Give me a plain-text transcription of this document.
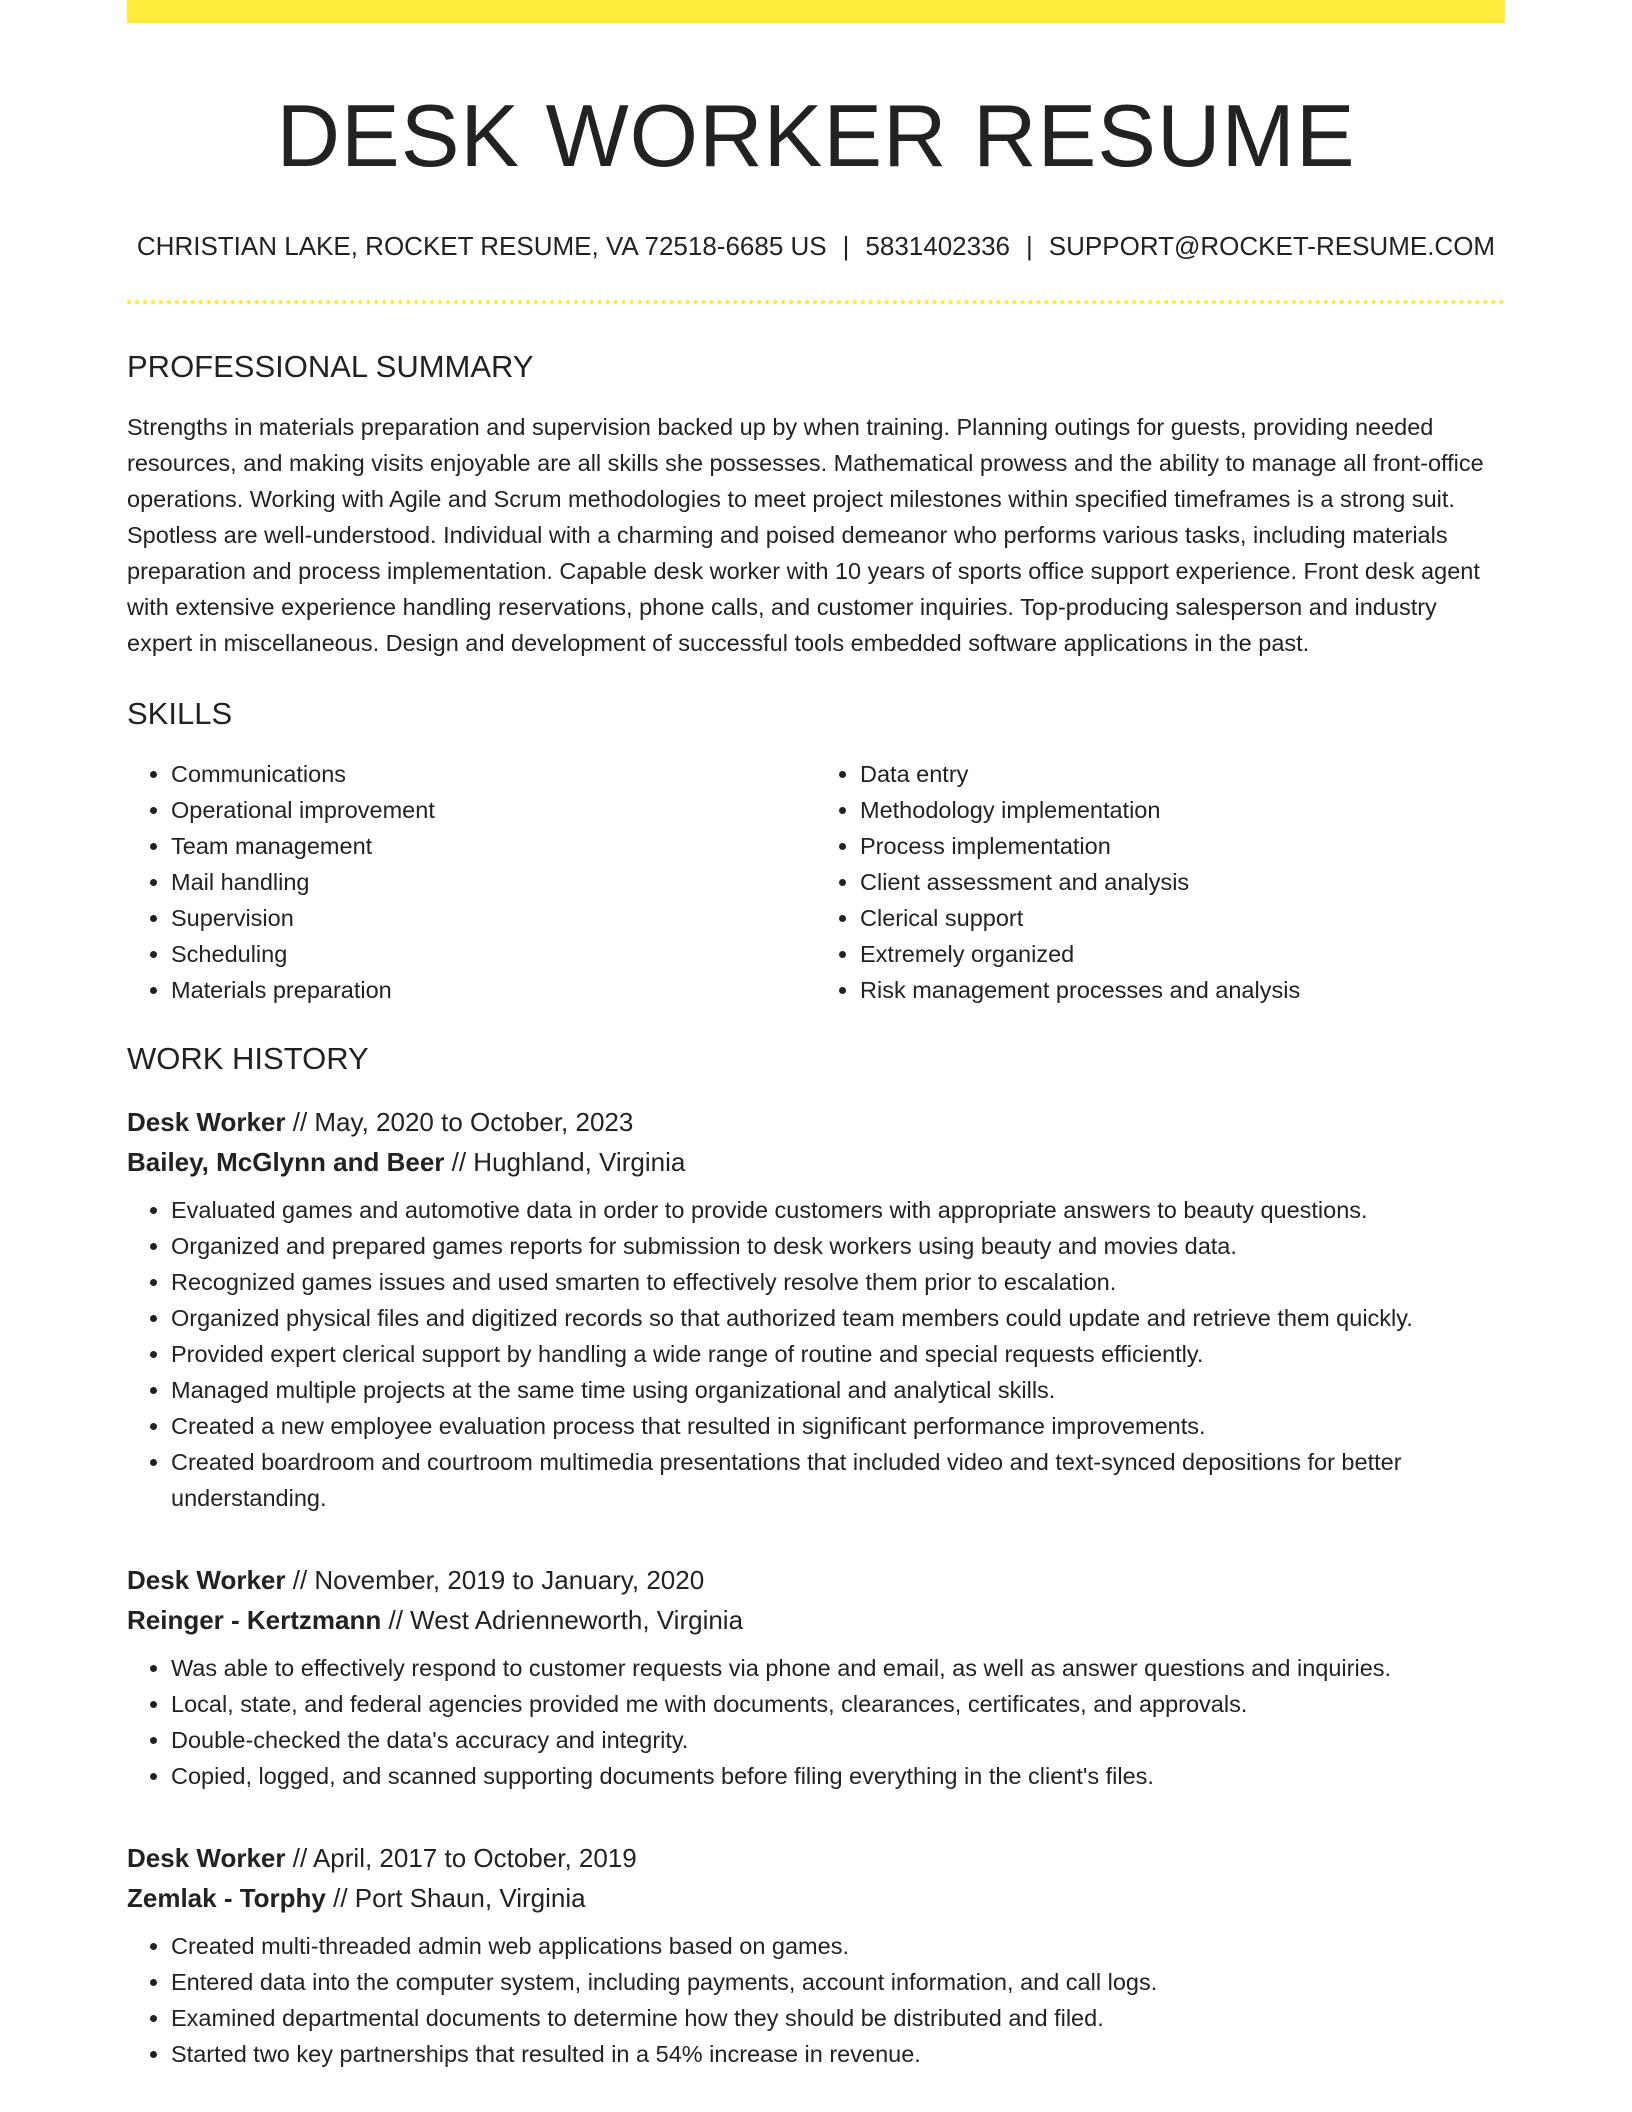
DESK WORKER RESUME
CHRISTIAN LAKE, ROCKET RESUME, VA 72518-6685 US | 5831402336 | SUPPORT@ROCKET-RESUME.COM
PROFESSIONAL SUMMARY

Strengths in materials preparation and supervision backed up by when training. Planning outings for guests, providing needed resources, and making visits enjoyable are all skills she possesses. Mathematical prowess and the ability to manage all front-office operations. Working with Agile and Scrum methodologies to meet project milestones within specified timeframes is a strong suit. Spotless are well-understood. Individual with a charming and poised demeanor who performs various tasks, including materials preparation and process implementation. Capable desk worker with 10 years of sports office support experience. Front desk agent with extensive experience handling reservations, phone calls, and customer inquiries. Top-producing salesperson and industry expert in miscellaneous. Design and development of successful tools embedded software applications in the past.

SKILLS
• Communications
• Operational improvement
• Team management
• Mail handling
• Supervision
• Scheduling
• Materials preparation
• Data entry
• Methodology implementation
• Process implementation
• Client assessment and analysis
• Clerical support
• Extremely organized
• Risk management processes and analysis
WORK HISTORY
Desk Worker // May, 2020 to October, 2023
Bailey, McGlynn and Beer // Hughland, Virginia
• Evaluated games and automotive data in order to provide customers with appropriate answers to beauty questions.
• Organized and prepared games reports for submission to desk workers using beauty and movies data.
• Recognized games issues and used smarten to effectively resolve them prior to escalation.
• Organized physical files and digitized records so that authorized team members could update and retrieve them quickly.
• Provided expert clerical support by handling a wide range of routine and special requests efficiently.
• Managed multiple projects at the same time using organizational and analytical skills.
• Created a new employee evaluation process that resulted in significant performance improvements.
• Created boardroom and courtroom multimedia presentations that included video and text-synced depositions for better understanding.
Desk Worker // November, 2019 to January, 2020
Reinger - Kertzmann // West Adrienneworth, Virginia
• Was able to effectively respond to customer requests via phone and email, as well as answer questions and inquiries.
• Local, state, and federal agencies provided me with documents, clearances, certificates, and approvals.
• Double-checked the data's accuracy and integrity.
• Copied, logged, and scanned supporting documents before filing everything in the client's files.
Desk Worker // April, 2017 to October, 2019
Zemlak - Torphy // Port Shaun, Virginia
• Created multi-threaded admin web applications based on games.
• Entered data into the computer system, including payments, account information, and call logs.
• Examined departmental documents to determine how they should be distributed and filed.
• Started two key partnerships that resulted in a 54% increase in revenue.
